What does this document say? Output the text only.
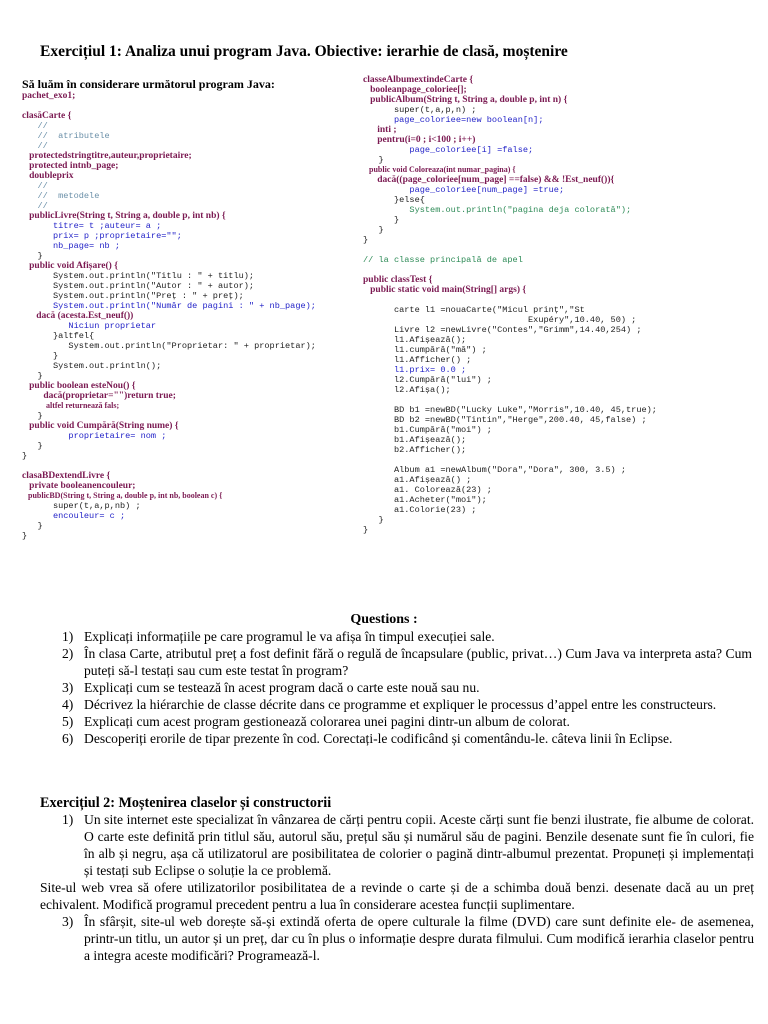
Exercițiul 1: Analiza unui program Java. Obiective: ierarhie de clasă, moștenire
Să luăm în considerare următorul program Java:
pachet_exo1;
clasăCarte {
//
//  atributele
//
protectedstringtitre,auteur,proprietaire;
protected intnb_page;
doubleprix
//
//  metodele
//
publicLivre(String t, String a, double p, int nb) {
titre= t ;auteur= a ;
prix= p ;proprietaire="";
nb_page= nb ;
}
public void Afișare() {
System.out.println("Titlu : " + titlu);
System.out.println("Autor : " + autor);
System.out.println("Preț : " + preț);
System.out.println("Număr de pagini : " + nb_page);
dacă (acesta.Est_neuf())
Niciun proprietar
}altfel{
System.out.println("Proprietar: " + proprietar);
}
System.out.println();
}
public boolean esteNou() {
dacă(proprietar="")return true;
altfel returnează fals;
}
public void Cumpără(String nume) {
proprietaire= nom ;
}
}
clasaBDextendLivre {
private booleanencouleur;
publicBD(String t, String a, double p, int nb, boolean c) {
super(t,a,p,nb) ;
encouleur= c ;
}
}
classeAlbumextindeCarte {
booleanpage_coloriee[];
publicAlbum(String t, String a, double p, int n) {
super(t,a,p,n) ;
page_coloriee=new boolean[n];
inti ;
pentru(i=0 ; i<100 ; i++)
page_coloriee[i] =false;
}
public void Coloreaza(int numar_pagina) {
dacă((page_coloriee[num_page] ==false) && !Est_neuf()){
page_coloriee[num_page] =true;
}else{
System.out.println("pagina deja colorată");
}
}
}
// la classe principală de apel
public classTest {
public static void main(String[] args) {
carte l1 =nouaCarte("Micul prinț","St
Exupéry",10.40, 50) ;
Livre l2 =newLivre("Contes","Grimm",14.40,254) ;
l1.Afișează();
l1.cumpără("mă") ;
l1.Afficher() ;
l1.prix= 0.0 ;
l2.Cumpără("lui") ;
l2.Afișa();
BD b1 =newBD("Lucky Luke","Morris",10.40, 45,true);
BD b2 =newBD("Tintin","Herge",200.40, 45,false) ;
b1.Cumpără("moi") ;
b1.Afișează();
b2.Afficher();
Album a1 =newAlbum("Dora","Dora", 300, 3.5) ;
a1.Afișează() ;
a1. Colorează(23) ;
a1.Acheter("moi");
a1.Colorie(23) ;
}
}
Questions :
1) Explicați informațiile pe care programul le va afișa în timpul execuției sale.
2) În clasa Carte, atributul preț a fost definit fără o regulă de încapsulare (public, privat…) Cum Java va interpreta asta? Cum puteți să-l testați sau cum este testat în program?
3) Explicați cum se testează în acest program dacă o carte este nouă sau nu.
4) Décrivez la hiérarchie de classe décrite dans ce programme et expliquer le processus d’appel entre les constructeurs.
5) Explicați cum acest program gestionează colorarea unei pagini dintr-un album de colorat.
6) Descoperiți erorile de tipar prezente în cod. Corectați-le codificând și comentându-le. câteva linii în Eclipse.
Exercițiul 2: Moștenirea claselor și constructorii
1) Un site internet este specializat în vânzarea de cărți pentru copii. Aceste cărți sunt fie benzi ilustrate, fie albume de colorat. O carte este definită prin titlul său, autorul său, prețul său și numărul său de pagini. Benzile desenate sunt fie în culori, fie în alb și negru, așa că utilizatorul are posibilitatea de colorier o pagină dintr-albumul prezentat. Propuneți și implementați și testați sub Eclipse o soluție la ce problemă.
Site-ul web vrea să ofere utilizatorilor posibilitatea de a revinde o carte și de a schimba două benzi. desenate dacă au un preț echivalent. Modifică programul precedent pentru a lua în considerare acestea funcții suplimentare.
3) În sfârșit, site-ul web dorește să-și extindă oferta de opere culturale la filme (DVD) care sunt definite ele- de asemenea, printr-un titlu, un autor și un preț, dar cu în plus o informație despre durata filmului. Cum modifică ierarhia claselor pentru a integra aceste modificări? Programează-l.
